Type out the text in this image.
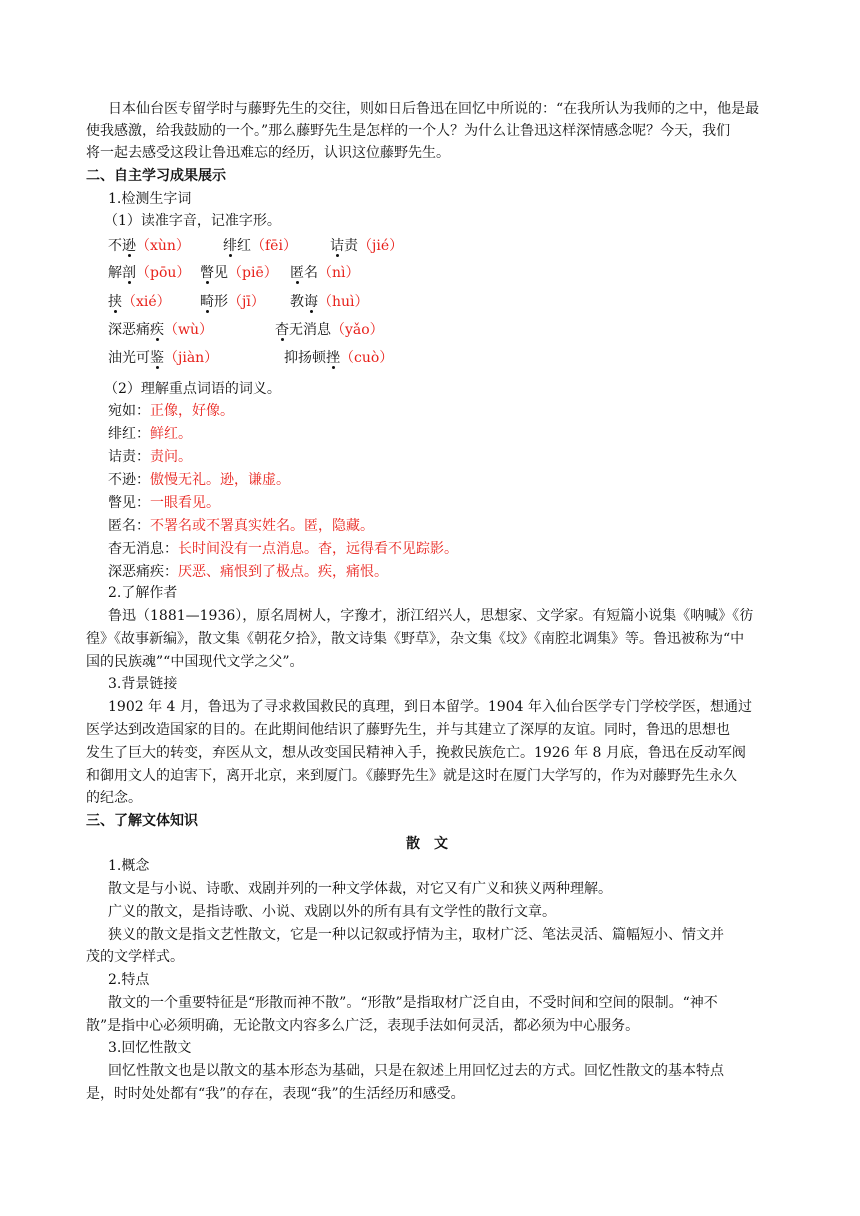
日本仙台医专留学时与藤野先生的交往，则如日后鲁迅在回忆中所说的：“在我所认为我师的之中，他是最
使我感激，给我鼓励的一个。”那么藤野先生是怎样的一个人？为什么让鲁迅这样深情感念呢？今天，我们
将一起去感受这段让鲁迅难忘的经历，认识这位藤野先生。
二、自主学习成果展示
1.检测生字词
（1）读准字音，记准字形。
不逊（xùn） 绯红（fēi） 诘责（jié）
解剖（pōu） 瞥见（piē） 匿名（nì）
挟（xié） 畸形（jī） 教诲（huì）
深恶痛疾（wù）	杳无消息（yǎo）
油光可鉴（jiàn）	抑扬顿挫（cuò）
（2）理解重点词语的词义。
宛如：正像，好像。
绯红：鲜红。
诘责：责问。
不逊：傲慢无礼。逊，谦虚。
瞥见：一眼看见。
匿名：不署名或不署真实姓名。匿，隐藏。
杳无消息：长时间没有一点消息。杳，远得看不见踪影。
深恶痛疾：厌恶、痛恨到了极点。疾，痛恨。
2.了解作者
鲁迅（1881—1936），原名周树人，字豫才，浙江绍兴人，思想家、文学家。有短篇小说集《呐喊》《彷
徨》《故事新编》，散文集《朝花夕拾》，散文诗集《野草》，杂文集《坟》《南腔北调集》等。鲁迅被称为“中
国的民族魂”“中国现代文学之父”。
3.背景链接
1902 年 4 月，鲁迅为了寻求救国救民的真理，到日本留学。1904 年入仙台医学专门学校学医，想通过
医学达到改造国家的目的。在此期间他结识了藤野先生，并与其建立了深厚的友谊。同时，鲁迅的思想也
发生了巨大的转变，弃医从文，想从改变国民精神入手，挽救民族危亡。1926 年 8 月底，鲁迅在反动军阀
和御用文人的迫害下，离开北京，来到厦门。《藤野先生》就是这时在厦门大学写的，作为对藤野先生永久
的纪念。
三、了解文体知识
散　文
1.概念
散文是与小说、诗歌、戏剧并列的一种文学体裁，对它又有广义和狭义两种理解。
广义的散文，是指诗歌、小说、戏剧以外的所有具有文学性的散行文章。
狭义的散文是指文艺性散文，它是一种以记叙或抒情为主，取材广泛、笔法灵活、篇幅短小、情文并
茂的文学样式。
2.特点
散文的一个重要特征是“形散而神不散”。“形散”是指取材广泛自由，不受时间和空间的限制。“神不
散”是指中心必须明确，无论散文内容多么广泛，表现手法如何灵活，都必须为中心服务。
3.回忆性散文
回忆性散文也是以散文的基本形态为基础，只是在叙述上用回忆过去的方式。回忆性散文的基本特点
是，时时处处都有“我”的存在，表现“我”的生活经历和感受。
